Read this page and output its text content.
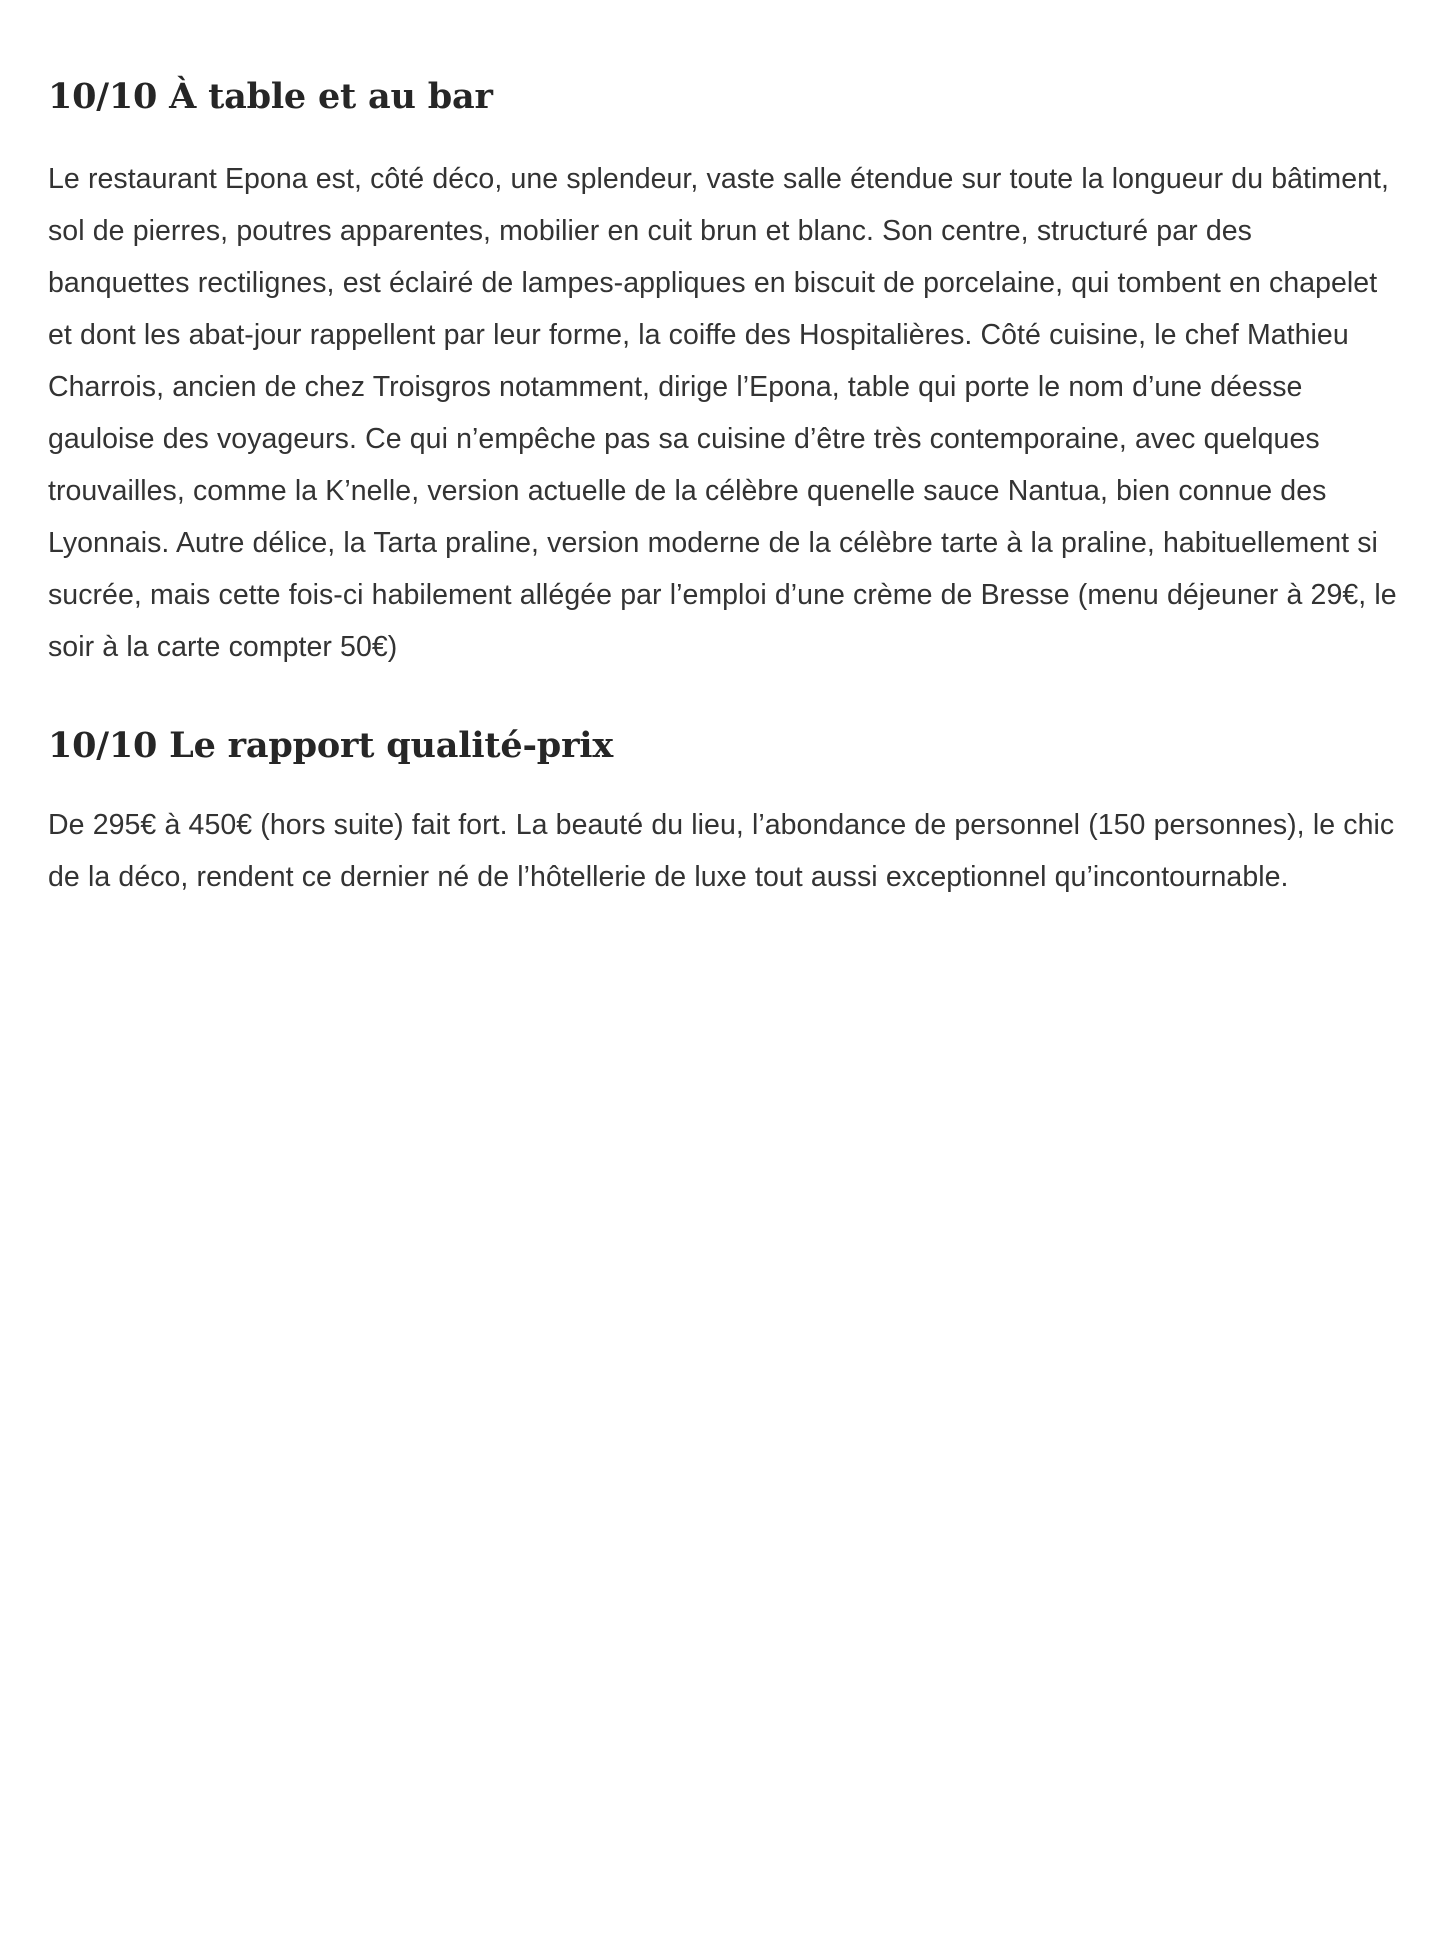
10/10 À table et au bar

Le restaurant Epona est, côté déco, une splendeur, vaste salle étendue sur toute la longueur du bâtiment, sol de pierres, poutres apparentes, mobilier en cuit brun et blanc. Son centre, structuré par des banquettes rectilignes, est éclairé de lampes-appliques en biscuit de porcelaine, qui tombent en chapelet et dont les abat-jour rappellent par leur forme, la coiffe des Hospitalières. Côté cuisine, le chef Mathieu Charrois, ancien de chez Troisgros notamment, dirige l’Epona, table qui porte le nom d’une déesse gauloise des voyageurs. Ce qui n’empêche pas sa cuisine d’être très contemporaine, avec quelques trouvailles, comme la K’nelle, version actuelle de la célèbre quenelle sauce Nantua, bien connue des Lyonnais. Autre délice, la Tarta praline, version moderne de la célèbre tarte à la praline, habituellement si sucrée, mais cette fois-ci habilement allégée par l’emploi d’une crème de Bresse (menu déjeuner à 29€, le soir à la carte compter 50€)

10/10 Le rapport qualité-prix

De 295€ à 450€ (hors suite) fait fort. La beauté du lieu, l’abondance de personnel (150 personnes), le chic de la déco, rendent ce dernier né de l’hôtellerie de luxe tout aussi exceptionnel qu’incontournable.
